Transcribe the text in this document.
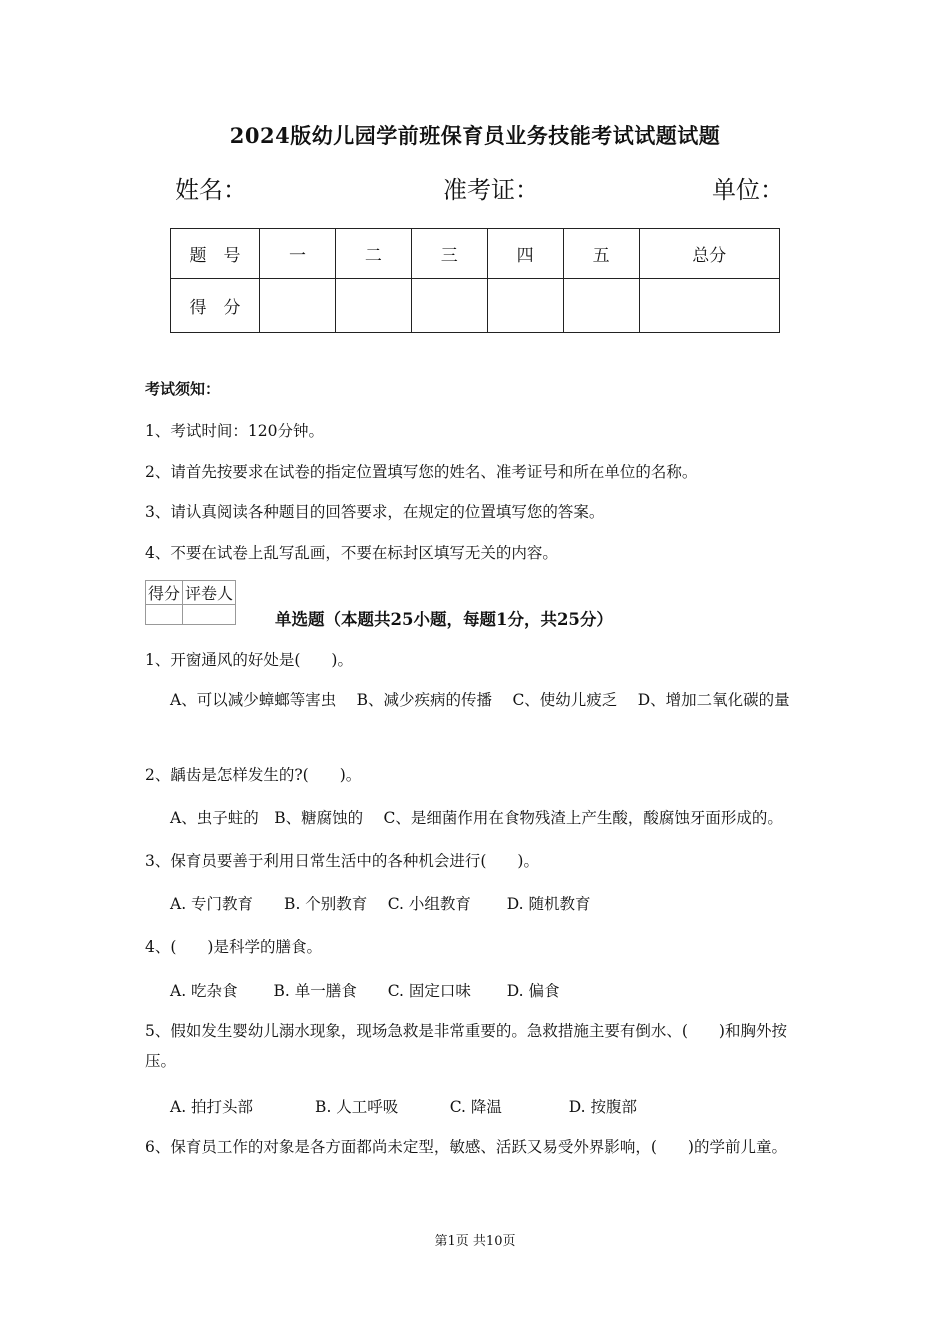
2024版幼儿园学前班保育员业务技能考试试题试题
姓名：	准考证：	单位：
题　号	一	二	三	四	五	总分
得　分						
考试须知：
1、考试时间：120分钟。
2、请首先按要求在试卷的指定位置填写您的姓名、准考证号和所在单位的名称。
3、请认真阅读各种题目的回答要求，在规定的位置填写您的答案。
4、不要在试卷上乱写乱画，不要在标封区填写无关的内容。
得分	评卷人

单选题（本题共25小题，每题1分，共25分）
1、开窗通风的好处是(　　)。
A、可以减少蟑螂等害虫　 B、减少疾病的传播　 C、使幼儿疲乏　 D、增加二氧化碳的量
2、龋齿是怎样发生的?(　　)。
A、虫子蛀的　B、糖腐蚀的　 C、是细菌作用在食物残渣上产生酸，酸腐蚀牙面形成的。
3、保育员要善于利用日常生活中的各种机会进行(　　)。
A. 专门教育　　B. 个别教育　 C. 小组教育　　 D. 随机教育
4、(　　)是科学的膳食。
A. 吃杂食　　 B. 单一膳食　　C. 固定口味　　 D. 偏食
5、假如发生婴幼儿溺水现象，现场急救是非常重要的。急救措施主要有倒水、(　　)和胸外按压。
A. 拍打头部　　　　B. 人工呼吸　　　 C. 降温　　　　 D. 按腹部
6、保育员工作的对象是各方面都尚未定型，敏感、活跃又易受外界影响，(　　)的学前儿童。
第1页 共10页
